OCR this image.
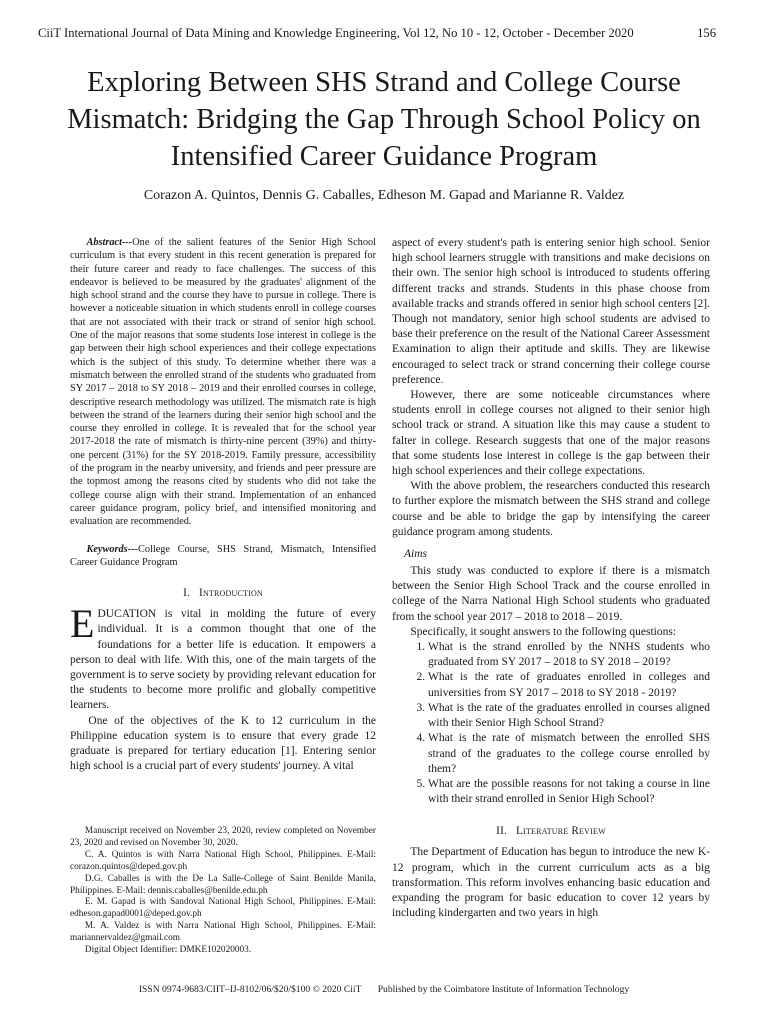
CiiT International Journal of Data Mining and Knowledge Engineering, Vol 12, No 10 - 12, October - December 2020	156
Exploring Between SHS Strand and College Course Mismatch: Bridging the Gap Through School Policy on Intensified Career Guidance Program
Corazon A. Quintos, Dennis G. Caballes, Edheson M. Gapad and Marianne R. Valdez

Abstract---One of the salient features of the Senior High School curriculum is that every student in this recent generation is prepared for their future career and ready to face challenges. The success of this endeavor is believed to be measured by the graduates' alignment of the high school strand and the course they have to pursue in college. There is however a noticeable situation in which students enroll in college courses that are not associated with their track or strand of senior high school. One of the major reasons that some students lose interest in college is the gap between their high school experiences and their college expectations which is the subject of this study. To determine whether there was a mismatch between the enrolled strand of the students who graduated from SY 2017 – 2018 to SY 2018 – 2019 and their enrolled courses in college, descriptive research methodology was utilized. The mismatch rate is high between the strand of the learners during their senior high school and the course they enrolled in college. It is revealed that for the school year 2017-2018 the rate of mismatch is thirty-nine percent (39%) and thirty-one percent (31%) for the SY 2018-2019. Family pressure, accessibility of the program in the nearby university, and friends and peer pressure are the topmost among the reasons cited by students who did not take the college course align with their strand. Implementation of an enhanced career guidance program, policy brief, and intensified monitoring and evaluation are recommended.

Keywords---College Course, SHS Strand, Mismatch, Intensified Career Guidance Program

I. Introduction

EDUCATION is vital in molding the future of every individual. It is a common thought that one of the foundations for a better life is education. It empowers a person to deal with life. With this, one of the main targets of the government is to serve society by providing relevant education for the students to become more prolific and globally competitive learners.

One of the objectives of the K to 12 curriculum in the Philippine education system is to ensure that every grade 12 graduate is prepared for tertiary education [1]. Entering senior high school is a crucial part of every students' journey. A vital

Manuscript received on November 23, 2020, review completed on November 23, 2020 and revised on November 30, 2020.

C. A. Quintos is with Narra National High School, Philippines. E-Mail: corazon.quintos@deped.gov.ph

D.G. Caballes is with the De La Salle-College of Saint Benilde Manila, Philippines. E-Mail: dennis.caballes@benilde.edu.ph

E. M. Gapad is with Sandoval National High School, Philippines. E-Mail: edheson.gapad0001@deped.gov.ph

M. A. Valdez is with Narra National High School, Philippines. E-Mail: mariannervaldez@gmail.com

Digital Object Identifier: DMKE102020003.

aspect of every student's path is entering senior high school. Senior high school learners struggle with transitions and make decisions on their own. The senior high school is introduced to students offering different tracks and strands. Students in this phase choose from available tracks and strands offered in senior high school centers [2]. Though not mandatory, senior high school students are advised to base their preference on the result of the National Career Assessment Examination to align their aptitude and skills. They are likewise encouraged to select track or strand concerning their college course preference.

However, there are some noticeable circumstances where students enroll in college courses not aligned to their senior high school track or strand. A situation like this may cause a student to falter in college. Research suggests that one of the major reasons that some students lose interest in college is the gap between their high school experiences and their college expectations.

With the above problem, the researchers conducted this research to further explore the mismatch between the SHS strand and college course and be able to bridge the gap by intensifying the career guidance program among students.

Aims

This study was conducted to explore if there is a mismatch between the Senior High School Track and the course enrolled in college of the Narra National High School students who graduated from the school year 2017 – 2018 to 2018 – 2019.

Specifically, it sought answers to the following questions:

1. What is the strand enrolled by the NNHS students who graduated from SY 2017 – 2018 to SY 2018 – 2019?
2. What is the rate of graduates enrolled in colleges and universities from SY 2017 – 2018 to SY 2018 - 2019?
3. What is the rate of the graduates enrolled in courses aligned with their Senior High School Strand?
4. What is the rate of mismatch between the enrolled SHS strand of the graduates to the college course enrolled by them?
5. What are the possible reasons for not taking a course in line with their strand enrolled in Senior High School?
II. Literature Review

The Department of Education has begun to introduce the new K-12 program, which in the current curriculum acts as a big transformation. This reform involves enhancing basic education and expanding the program for basic education to cover 12 years by including kindergarten and two years in high

ISSN 0974-9683/CIIT–IJ-8102/06/$20/$100 © 2020 CiiT Published by the Coimbatore Institute of Information Technology
